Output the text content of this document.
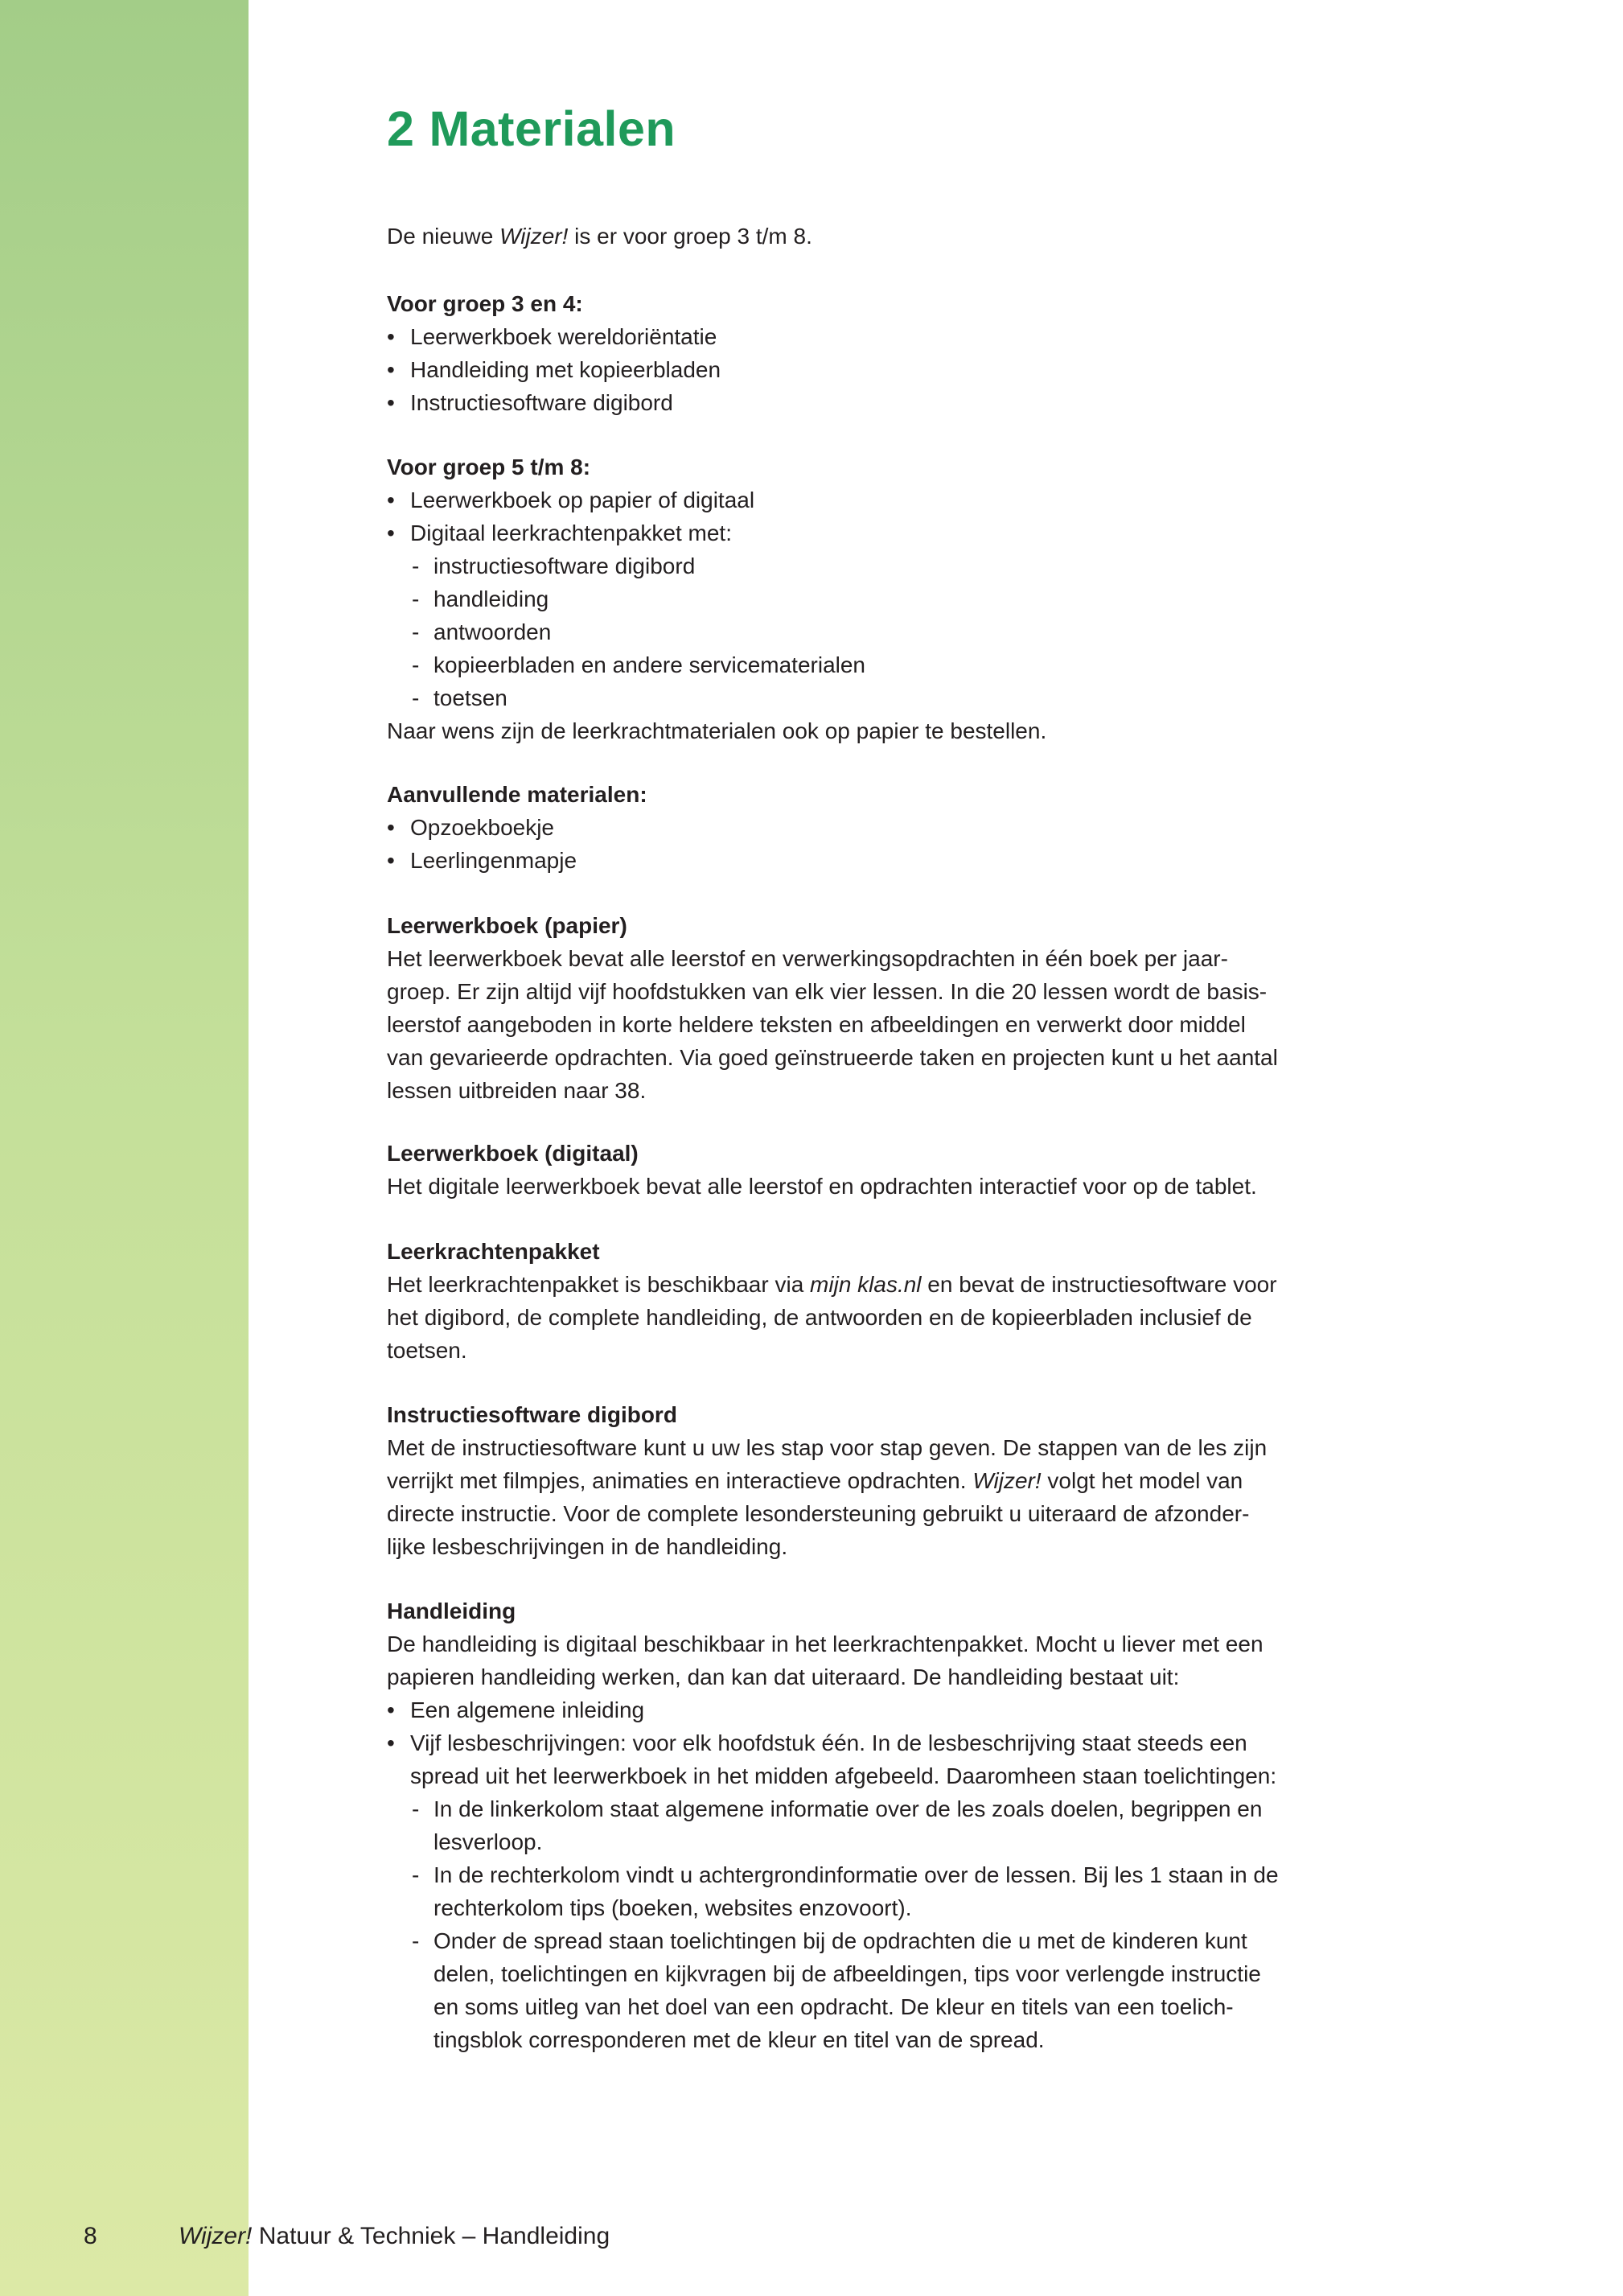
2 Materialen

De nieuwe Wijzer! is er voor groep 3 t/m 8.

Voor groep 3 en 4:

• Leerwerkboek wereldoriëntatie
• Handleiding met kopieerbladen
• Instructiesoftware digibord

Voor groep 5 t/m 8:

• Leerwerkboek op papier of digitaal
• Digitaal leerkrachtenpakket met:
- instructiesoftware digibord
- handleiding
- antwoorden
- kopieerbladen en andere servicematerialen
- toetsen

Naar wens zijn de leerkrachtmaterialen ook op papier te bestellen.

Aanvullende materialen:

• Opzoekboekje
• Leerlingenmapje

Leerwerkboek (papier)

Het leerwerkboek bevat alle leerstof en verwerkingsopdrachten in één boek per jaar-

groep. Er zijn altijd vijf hoofdstukken van elk vier lessen. In die 20 lessen wordt de basis-

leerstof aangeboden in korte heldere teksten en afbeeldingen en verwerkt door middel

van gevarieerde opdrachten. Via goed geïnstrueerde taken en projecten kunt u het aantal

lessen uitbreiden naar 38.

Leerwerkboek (digitaal)

Het digitale leerwerkboek bevat alle leerstof en opdrachten interactief voor op de tablet.

Leerkrachtenpakket

Het leerkrachtenpakket is beschikbaar via mijn klas.nl en bevat de instructiesoftware voor

het digibord, de complete handleiding, de antwoorden en de kopieerbladen inclusief de

toetsen.

Instructiesoftware digibord

Met de instructiesoftware kunt u uw les stap voor stap geven. De stappen van de les zijn

verrijkt met filmpjes, animaties en interactieve opdrachten. Wijzer! volgt het model van

directe instructie. Voor de complete lesondersteuning gebruikt u uiteraard de afzonder-

lijke lesbeschrijvingen in de handleiding.

Handleiding

De handleiding is digitaal beschikbaar in het leerkrachtenpakket. Mocht u liever met een

papieren handleiding werken, dan kan dat uiteraard. De handleiding bestaat uit:

• Een algemene inleiding
• Vijf lesbeschrijvingen: voor elk hoofdstuk één. In de lesbeschrijving staat steeds een
spread uit het leerwerkboek in het midden afgebeeld. Daaromheen staan toelichtingen:
- In de linkerkolom staat algemene informatie over de les zoals doelen, begrippen en
lesverloop.
- In de rechterkolom vindt u achtergrondinformatie over de lessen. Bij les 1 staan in de
rechterkolom tips (boeken, websites enzovoort).
- Onder de spread staan toelichtingen bij de opdrachten die u met de kinderen kunt
delen, toelichtingen en kijkvragen bij de afbeeldingen, tips voor verlengde instructie
en soms uitleg van het doel van een opdracht. De kleur en titels van een toelich-
tingsblok corresponderen met de kleur en titel van de spread.
8	Wijzer! Natuur & Techniek – Handleiding
